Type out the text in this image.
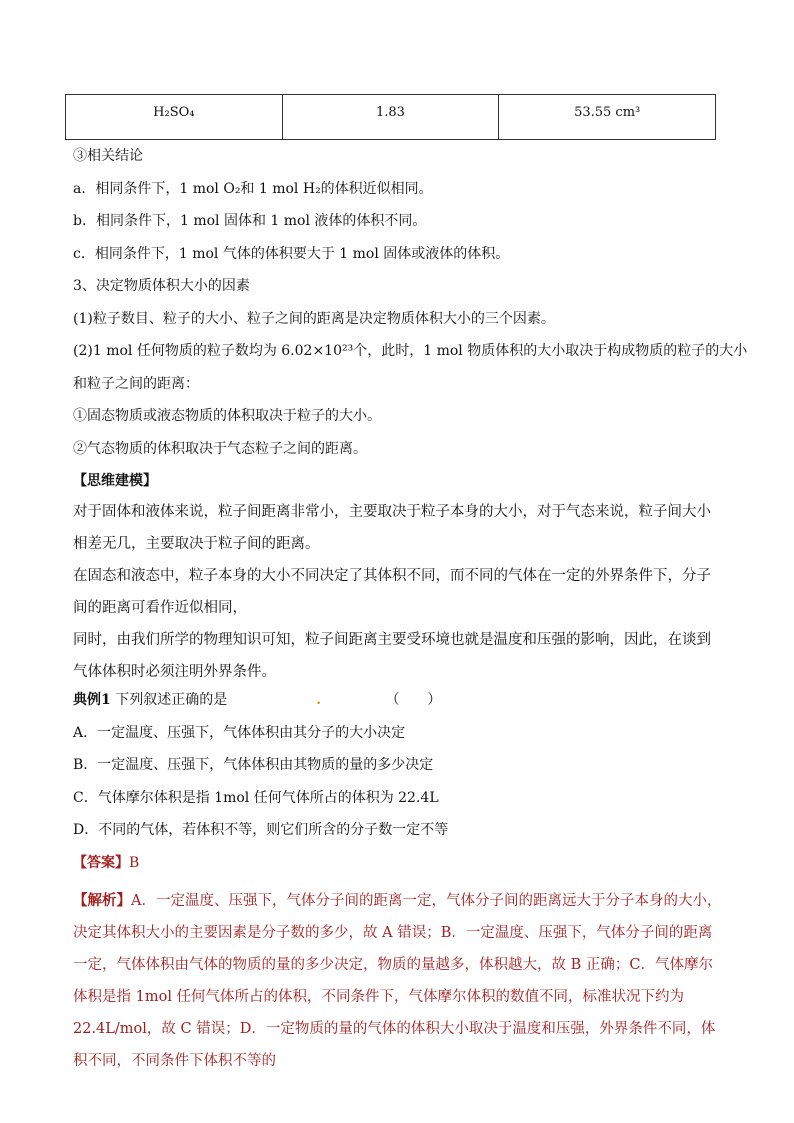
H₂SO₄	1.83	53.55 cm³
③相关结论
a．相同条件下，1 mol O₂和 1 mol H₂的体积近似相同。
b．相同条件下，1 mol 固体和 1 mol 液体的体积不同。
c．相同条件下，1 mol 气体的体积要大于 1 mol 固体或液体的体积。
3、决定物质体积大小的因素
(1)粒子数目、粒子的大小、粒子之间的距离是决定物质体积大小的三个因素。
(2)1 mol 任何物质的粒子数均为 6.02×10²³个，此时，1 mol 物质体积的大小取决于构成物质的粒子的大小
和粒子之间的距离：
①固态物质或液态物质的体积取决于粒子的大小。
②气态物质的体积取决于气态粒子之间的距离。
【思维建模】

对于固体和液体来说，粒子间距离非常小，主要取决于粒子本身的大小，对于气态来说，粒子间大小相差无几，主要取决于粒子间的距离。

在固态和液态中，粒子本身的大小不同决定了其体积不同，而不同的气体在一定的外界条件下，分子间的距离可看作近似相同，

同时，由我们所学的物理知识可知，粒子间距离主要受环境也就是温度和压强的影响，因此，在谈到气体体积时必须注明外界条件。

典例1 下列叙述正确的是	.	（　　）
A．一定温度、压强下，气体体积由其分子的大小决定
B．一定温度、压强下，气体体积由其物质的量的多少决定
C．气体摩尔体积是指 1mol 任何气体所占的体积为 22.4L
D．不同的气体，若体积不等，则它们所含的分子数一定不等
【答案】B

【解析】A．一定温度、压强下，气体分子间的距离一定，气体分子间的距离远大于分子本身的大小，决定其体积大小的主要因素是分子数的多少，故 A 错误；B．一定温度、压强下，气体分子间的距离一定，气体体积由气体的物质的量的多少决定，物质的量越多，体积越大，故 B 正确；C．气体摩尔体积是指 1mol 任何气体所占的体积，不同条件下，气体摩尔体积的数值不同，标准状况下约为 22.4L/mol，故 C 错误；D．一定物质的量的气体的体积大小取决于温度和压强，外界条件不同，体积不同，不同条件下体积不等的
